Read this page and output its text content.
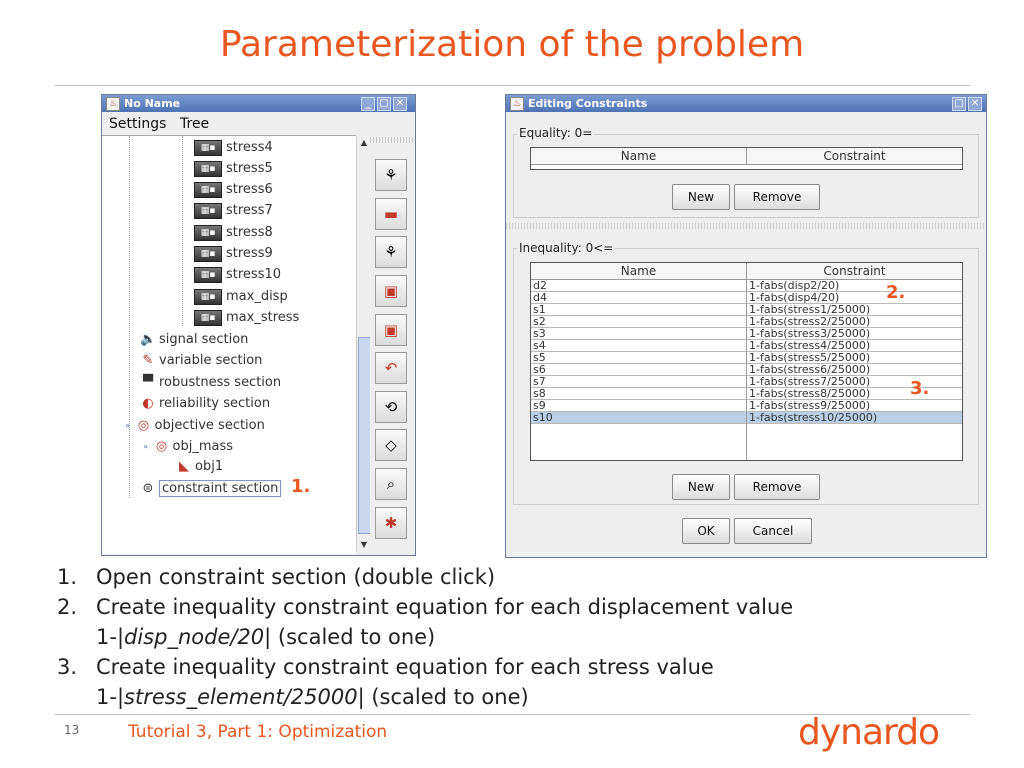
Parameterization of the problem
♨ No Name	_ □ ✕
Settings Tree
▦▪ stress4
▦▪ stress5
▦▪ stress6
▦▪ stress7
▦▪ stress8
▦▪ stress9
▦▪ stress10
▦▪ max_disp
▦▪ max_stress
🔈 signal section
✎ variable section
▀ robustness section
◐ reliability section
⚬ ◎ objective section
⚬ ◎ obj_mass
◣ obj1
⊜ constraint section
▲
▼
⚘
▬
⚘
▣
▣
↶
⟲
◇
⌕
✱
1.
♨ Editing Constraints	□ ✕
Equality: 0=
Name	Constraint
New	Remove
Inequality: 0<=
Name	Constraint
d2	1-fabs(disp2/20)
d4	1-fabs(disp4/20)
s1	1-fabs(stress1/25000)
s2	1-fabs(stress2/25000)
s3	1-fabs(stress3/25000)
s4	1-fabs(stress4/25000)
s5	1-fabs(stress5/25000)
s6	1-fabs(stress6/25000)
s7	1-fabs(stress7/25000)
s8	1-fabs(stress8/25000)
s9	1-fabs(stress9/25000)
s10	1-fabs(stress10/25000)
New	Remove
OK	Cancel
2.
3.
1. Open constraint section (double click)
2. Create inequality constraint equation for each displacement value
1-|disp_node/20| (scaled to one)
3. Create inequality constraint equation for each stress value
1-|stress_element/25000| (scaled to one)
13	Tutorial 3, Part 1: Optimization	dynardo
